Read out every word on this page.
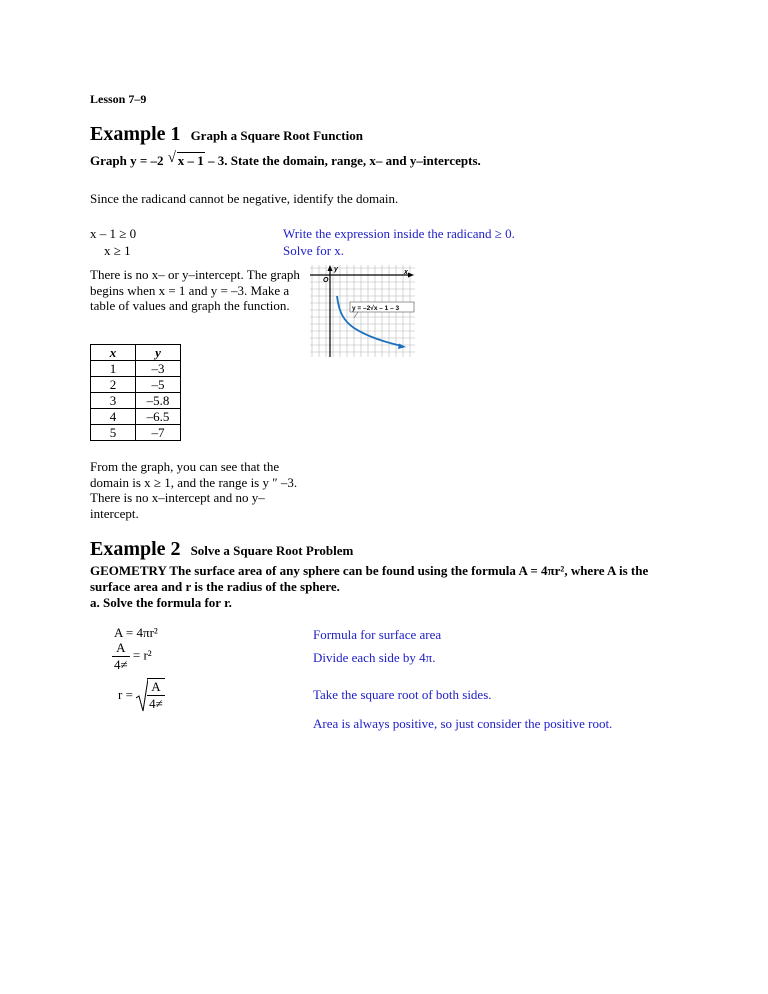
Lesson 7–9
Example 1 Graph a Square Root Function
Graph y = –2 √ x – 1 – 3. State the domain, range, x– and y–intercepts.
Since the radicand cannot be negative, identify the domain.
x – 1 ≥ 0	Write the expression inside the radicand ≥ 0.
x ≥ 1	Solve for x.
There is no x– or y–intercept. The graph begins when x = 1 and y = –3. Make a table of values and graph the function.
y	x
O
y = –2√x – 1 – 3
x	y
1	–3
2	–5
3	–5.8
4	–6.5
5	–7
From the graph, you can see that the domain is x ≥ 1, and the range is y ″ –3. There is no x–intercept and no y–intercept.
Example 2 Solve a Square Root Problem
GEOMETRY The surface area of any sphere can be found using the formula A = 4πr², where A is the surface area and r is the radius of the sphere.
a. Solve the formula for r.
A = 4πr²	Formula for surface area
$\frac{A}{4\ne} = r^2$	Divide each side by 4π.
$r = \frac{A}{4\ne}$	Take the square root of both sides.
Area is always positive, so just consider the positive root.
